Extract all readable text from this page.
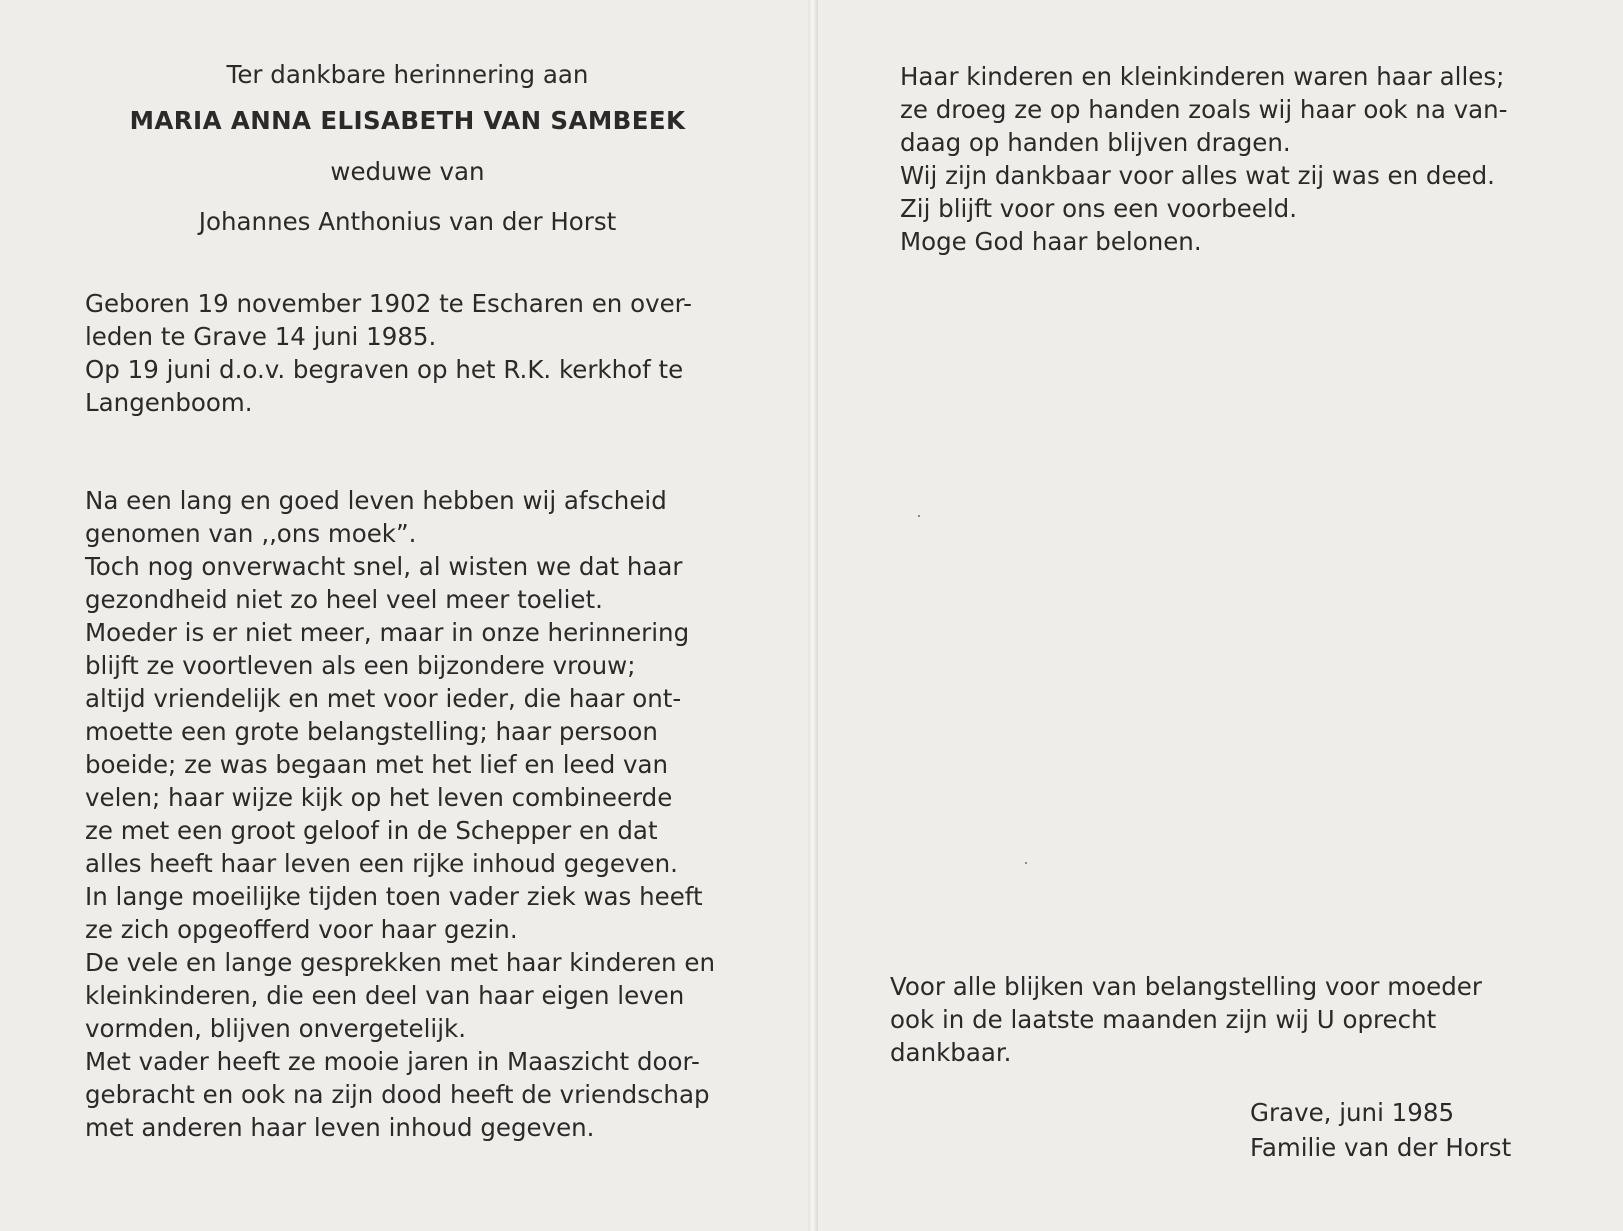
Ter dankbare herinnering aan

MARIA ANNA ELISABETH VAN SAMBEEK

weduwe van

Johannes Anthonius van der Horst

Geboren 19 november 1902 te Escharen en over-
leden te Grave 14 juni 1985.
Op 19 juni d.o.v. begraven op het R.K. kerkhof te
Langenboom.
Na een lang en goed leven hebben wij afscheid
genomen van ‚‚ons moek”.
Toch nog onverwacht snel, al wisten we dat haar
gezondheid niet zo heel veel meer toeliet.
Moeder is er niet meer, maar in onze herinnering
blijft ze voortleven als een bijzondere vrouw;
altijd vriendelijk en met voor ieder, die haar ont-
moette een grote belangstelling; haar persoon
boeide; ze was begaan met het lief en leed van
velen; haar wijze kijk op het leven combineerde
ze met een groot geloof in de Schepper en dat
alles heeft haar leven een rijke inhoud gegeven.
In lange moeilijke tijden toen vader ziek was heeft
ze zich opgeofferd voor haar gezin.
De vele en lange gesprekken met haar kinderen en
kleinkinderen, die een deel van haar eigen leven
vormden, blijven onvergetelijk.
Met vader heeft ze mooie jaren in Maaszicht door-
gebracht en ook na zijn dood heeft de vriendschap
met anderen haar leven inhoud gegeven.
Haar kinderen en kleinkinderen waren haar alles;
ze droeg ze op handen zoals wij haar ook na van-
daag op handen blijven dragen.
Wij zijn dankbaar voor alles wat zij was en deed.
Zij blijft voor ons een voorbeeld.
Moge God haar belonen.
Voor alle blijken van belangstelling voor moeder
ook in de laatste maanden zijn wij U oprecht
dankbaar.
Grave, juni 1985
Familie van der Horst
